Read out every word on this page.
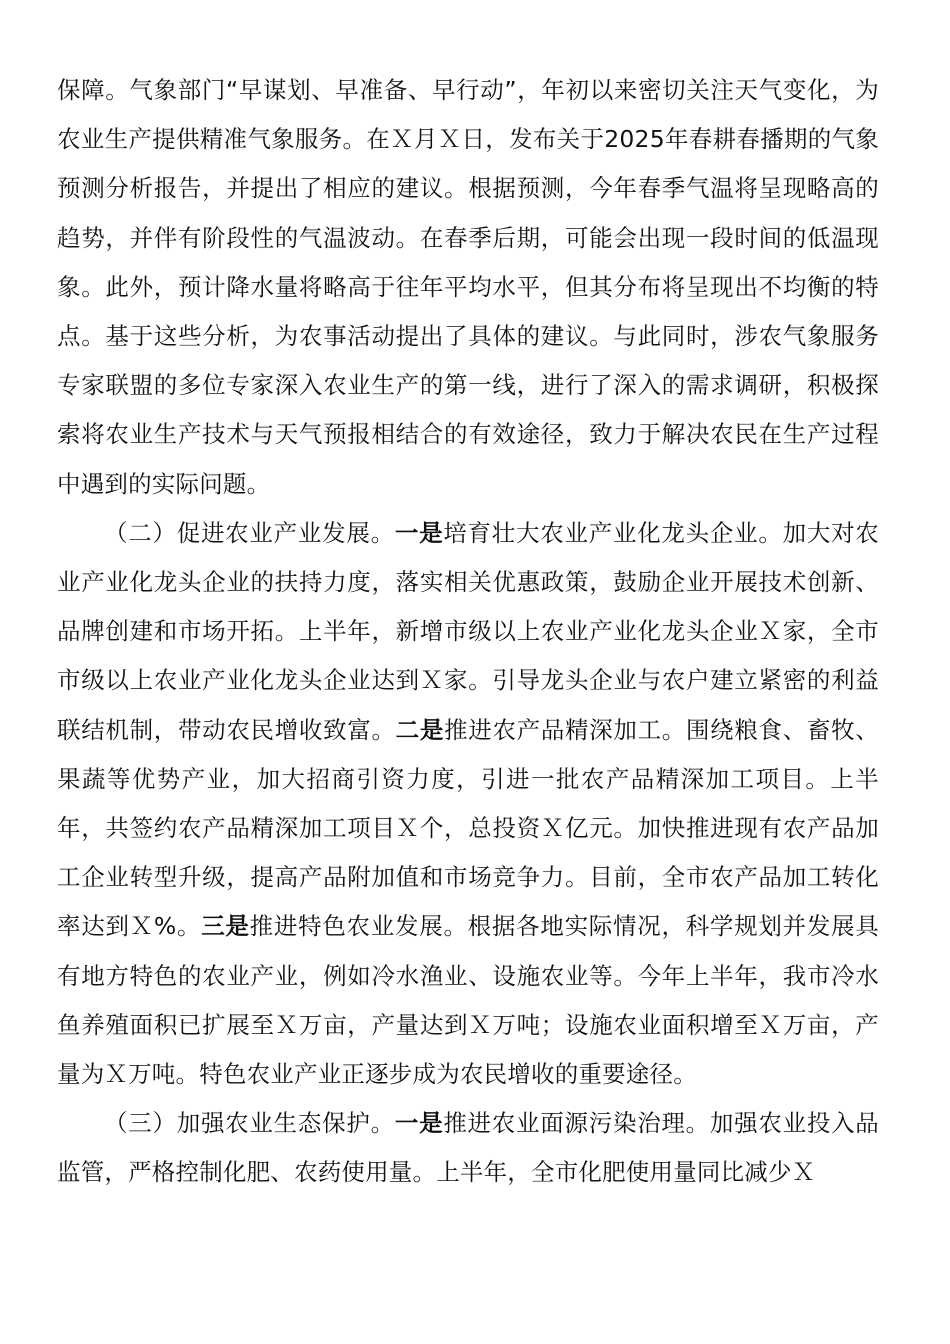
保障。气象部门“早谋划、早准备、早行动”，年初以来密切关注天气变化，为农业生产提供精准气象服务。在Ｘ月Ｘ日，发布关于2025年春耕春播期的气象预测分析报告，并提出了相应的建议。根据预测，今年春季气温将呈现略高的趋势，并伴有阶段性的气温波动。在春季后期，可能会出现一段时间的低温现象。此外，预计降水量将略高于往年平均水平，但其分布将呈现出不均衡的特点。基于这些分析，为农事活动提出了具体的建议。与此同时，涉农气象服务专家联盟的多位专家深入农业生产的第一线，进行了深入的需求调研，积极探索将农业生产技术与天气预报相结合的有效途径，致力于解决农民在生产过程中遇到的实际问题。

（二）促进农业产业发展。一是培育壮大农业产业化龙头企业。加大对农业产业化龙头企业的扶持力度，落实相关优惠政策，鼓励企业开展技术创新、品牌创建和市场开拓。上半年，新增市级以上农业产业化龙头企业Ｘ家，全市市级以上农业产业化龙头企业达到Ｘ家。引导龙头企业与农户建立紧密的利益联结机制，带动农民增收致富。二是推进农产品精深加工。围绕粮食、畜牧、果蔬等优势产业，加大招商引资力度，引进一批农产品精深加工项目。上半年，共签约农产品精深加工项目Ｘ个，总投资Ｘ亿元。加快推进现有农产品加工企业转型升级，提高产品附加值和市场竞争力。目前，全市农产品加工转化率达到Ｘ%。三是推进特色农业发展。根据各地实际情况，科学规划并发展具有地方特色的农业产业，例如冷水渔业、设施农业等。今年上半年，我市冷水鱼养殖面积已扩展至Ｘ万亩，产量达到Ｘ万吨；设施农业面积增至Ｘ万亩，产量为Ｘ万吨。特色农业产业正逐步成为农民增收的重要途径。

（三）加强农业生态保护。一是推进农业面源污染治理。加强农业投入品监管，严格控制化肥、农药使用量。上半年，全市化肥使用量同比减少Ｘ
